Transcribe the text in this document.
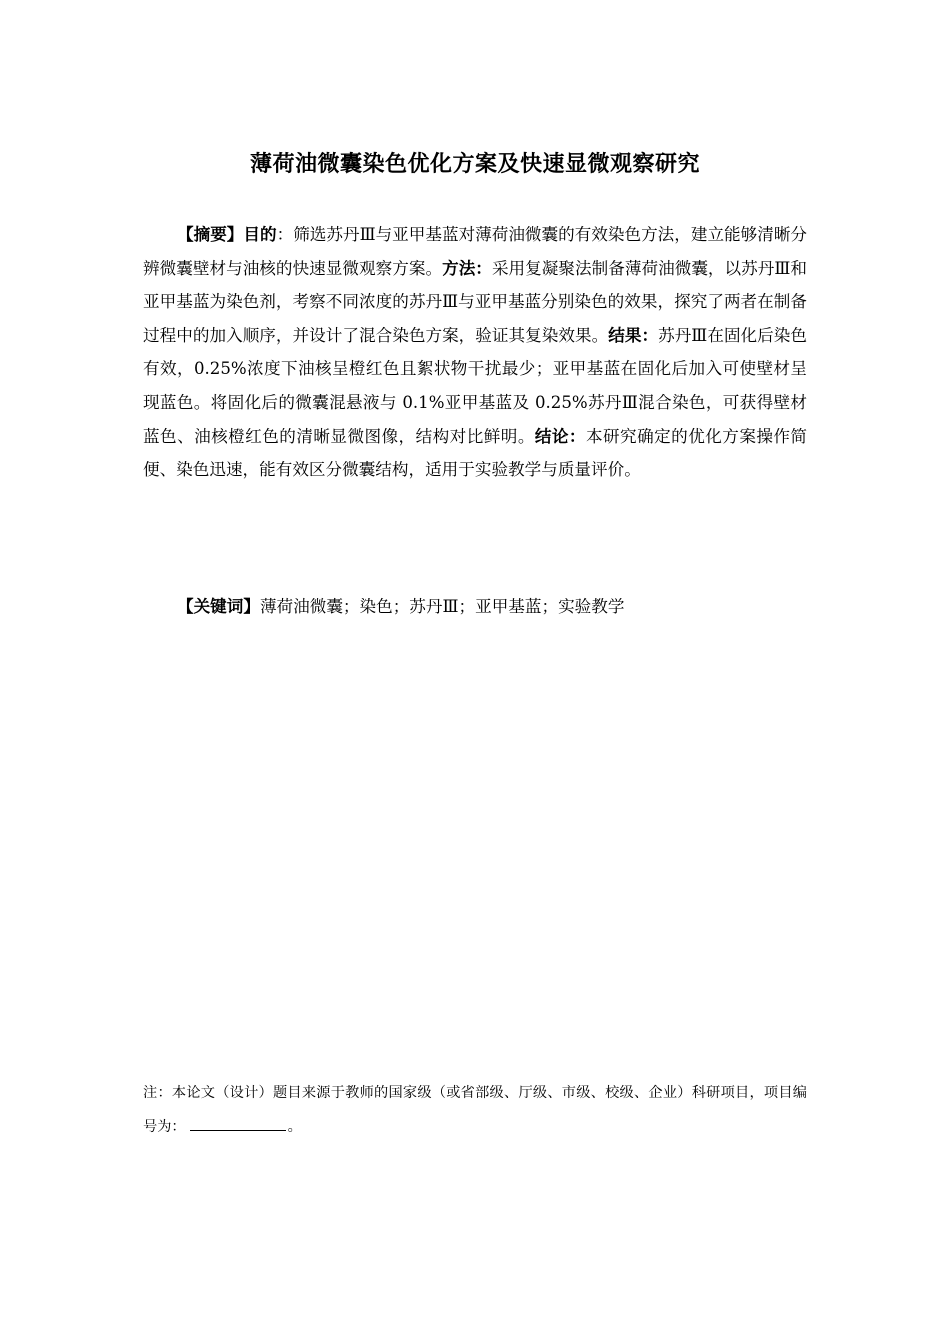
薄荷油微囊染色优化方案及快速显微观察研究

【摘要】目的：筛选苏丹Ⅲ与亚甲基蓝对薄荷油微囊的有效染色方法，建立能够清晰分辨微囊壁材与油核的快速显微观察方案。方法：采用复凝聚法制备薄荷油微囊，以苏丹Ⅲ和亚甲基蓝为染色剂，考察不同浓度的苏丹Ⅲ与亚甲基蓝分别染色的效果，探究了两者在制备过程中的加入顺序，并设计了混合染色方案，验证其复染效果。结果：苏丹Ⅲ在固化后染色有效，0.25%浓度下油核呈橙红色且絮状物干扰最少；亚甲基蓝在固化后加入可使壁材呈现蓝色。将固化后的微囊混悬液与 0.1%亚甲基蓝及 0.25%苏丹Ⅲ混合染色，可获得壁材蓝色、油核橙红色的清晰显微图像，结构对比鲜明。结论：本研究确定的优化方案操作简便、染色迅速，能有效区分微囊结构，适用于实验教学与质量评价。

【关键词】薄荷油微囊；染色；苏丹Ⅲ；亚甲基蓝；实验教学

注：本论文（设计）题目来源于教师的国家级（或省部级、厅级、市级、校级、企业）科研项目，项目编号为：	。
